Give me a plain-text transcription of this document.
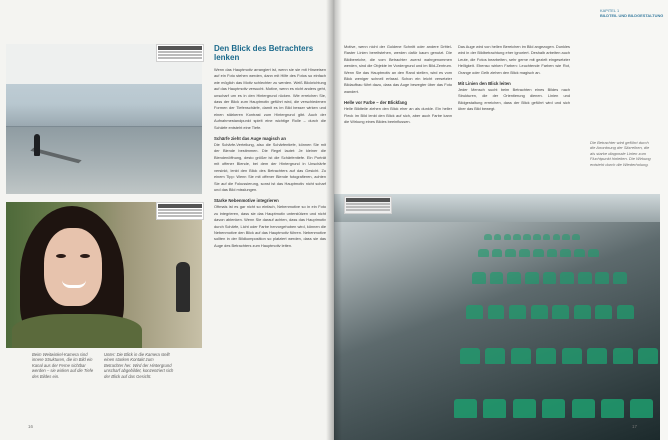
Beim Weitwinkel-Kamera sind innere Strukturen, die im Bild ein Kanal aus der Ferne sichtbar werden – sie wirken auf die Tiefe des Bildes ein.
Unter: Die Blick in die Kamera stellt einen starken Kontakt zum Betrachter her. Wird der Hintergrund unscharf abgebildet, konzentriert sich der Blick auf das Gesicht.
16
Den Blick des Betrachters lenken
Wenn das Hauptmotiv arrangiert ist, wenn sie sie mit Hinweisen auf ein Foto stehen werden, dann mit Hilfe des Fotos so einfach wie möglich das Motiv schlechter zu werden. Weiß Blickrichtung auf das Hauptmotiv versucht. Motive, wenn es nicht anders geht, unscharf um es in den Hintergrund rücken. Wie erreichen Sie, dass der Blick zum Hauptmotiv geführt wird, die verschiedenen Formen der Tiefenschärfe, damit es im Bild besser wirken und einen stärkeren Kontrast zum Hintergrund gibt. Auch der Aufnahmestandpunkt spielt eine wichtige Rolle – durch die Schärfe entsteht eine Tiefe.
Schärfe zieht das Auge magisch an
Die Schärfe-Verteilung, also die Schärfentiefe, können Sie mit der Blende bestimmen. Die Regel lautet: Je kleiner die Blendenöffnung, desto größer ist die Schärfentiefe. Ein Porträt mit offener Blende, bei dem der Hintergrund in Unschärfe versinkt, lenkt den Blick des Betrachters auf das Gesicht. Zu einem Tipp: Wenn Sie mit offener Blende fotografieren, achten Sie auf die Fokussierung, sonst ist das Hauptmotiv nicht scharf und das Bild misslungen.
Starke Nebenmotive integrieren
Oftmals ist es gar nicht so einfach, Nebenmotive so in ein Foto zu integrieren, dass sie das Hauptmotiv unterstützen und nicht davon ablenken. Wenn Sie darauf achten, dass das Hauptmotiv durch Schärfe, Licht oder Farbe hervorgehoben wird, können die Nebenmotive den Blick auf das Hauptmotiv führen. Nebenmotive sollten in der Bildkomposition so platziert werden, dass sie das Auge des Betrachters zum Hauptmotiv leiten.
KAPITEL 1
BILDTEIL UND BILDGESTALTUNG
Motive, wenn nicht der Goldene Schnitt oder andere Drittel-Raster Linien bereitstehen, werden dafür kaum genutzt. Die Bildbereiche, die vom Betrachter zuerst wahrgenommen werden, sind die Objekte im Vordergrund und im Bild-Zentrum. Wenn Sie das Hauptmotiv an den Rand stellen, wird es vom Blick weniger schnell erfasst. Schon ein leicht versetzter Bildaufbau führt dazu, dass das Auge bewegter über das Foto wandert.
Helle vor Farbe – der Blickfang
Helle Bildteile ziehen den Blick eher an als dunkle. Ein heller Fleck im Bild lenkt den Blick auf sich, aber auch Farbe kann die Wirkung eines Bildes beeinflussen.
Das Auge wird von hellen Bereichen im Bild angezogen. Dunkles wird in der Bildbetrachtung eher ignoriert. Deshalb arbeiten auch Leute, die Fotos bearbeiten, sehr gerne mit gezielt eingesetzter Helligkeit. Ebenso wirken Farben: Leuchtende Farben wie Rot, Orange oder Gelb ziehen den Blick magisch an.
Mit Linien den Blick leiten
Jeder Mensch sucht beim Betrachten eines Bildes nach Strukturen, die der Orientierung dienen. Linien und Bildgestaltung erreichen, dass der Blick geführt wird und sich über das Bild bewegt.
Die Betrachter wird geführt durch die Anordnung der Sitzreihen, die als starke diagonale Linien zum Fluchtpunkt hinleiten. Die Wirkung entsteht durch die Wiederholung.
17
